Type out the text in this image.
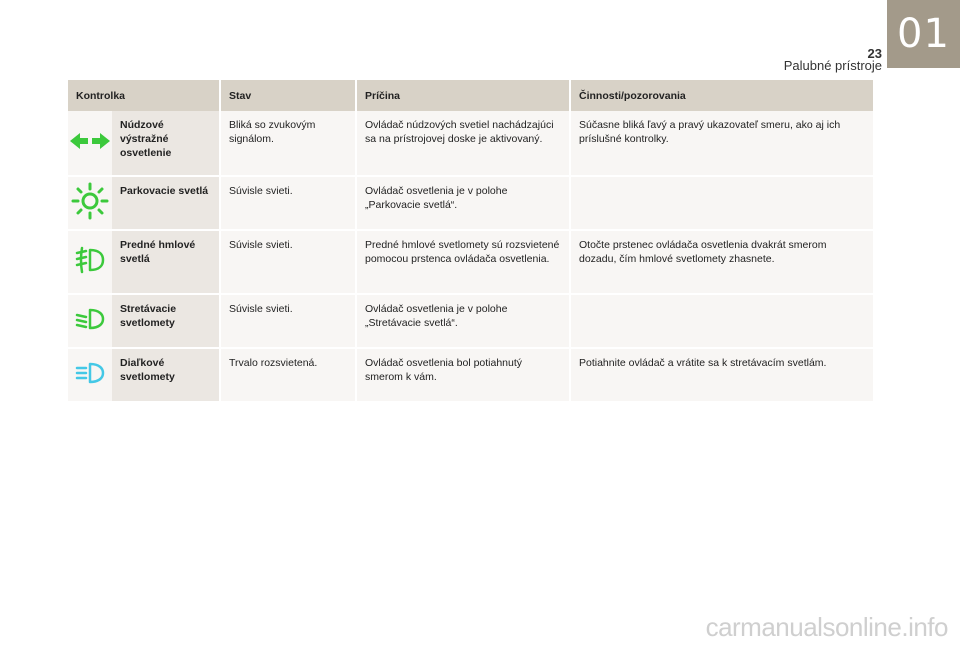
23
Palubné prístroje
01
Kontrolka		Stav	Príčina	Činnosti/pozorovania
	Núdzové výstražné osvetlenie	Bliká so zvukovým signálom.	Ovládač núdzových svetiel nachádzajúci sa na prístrojovej doske je aktivovaný.	Súčasne bliká ľavý a pravý ukazovateľ smeru, ako aj ich príslušné kontrolky.
	Parkovacie svetlá	Súvisle svieti.	Ovládač osvetlenia je v polohe „Parkovacie svetlá“.	
	Predné hmlové svetlá	Súvisle svieti.	Predné hmlové svetlomety sú rozsvietené pomocou prstenca ovládača osvetlenia.	Otočte prstenec ovládača osvetlenia dvakrát smerom dozadu, čím hmlové svetlomety zhasnete.
	Stretávacie svetlomety	Súvisle svieti.	Ovládač osvetlenia je v polohe „Stretávacie svetlá“.	
	Diaľkové svetlomety	Trvalo rozsvietená.	Ovládač osvetlenia bol potiahnutý smerom k vám.	Potiahnite ovládač a vrátite sa k stretávacím svetlám.
carmanualsonline.info
